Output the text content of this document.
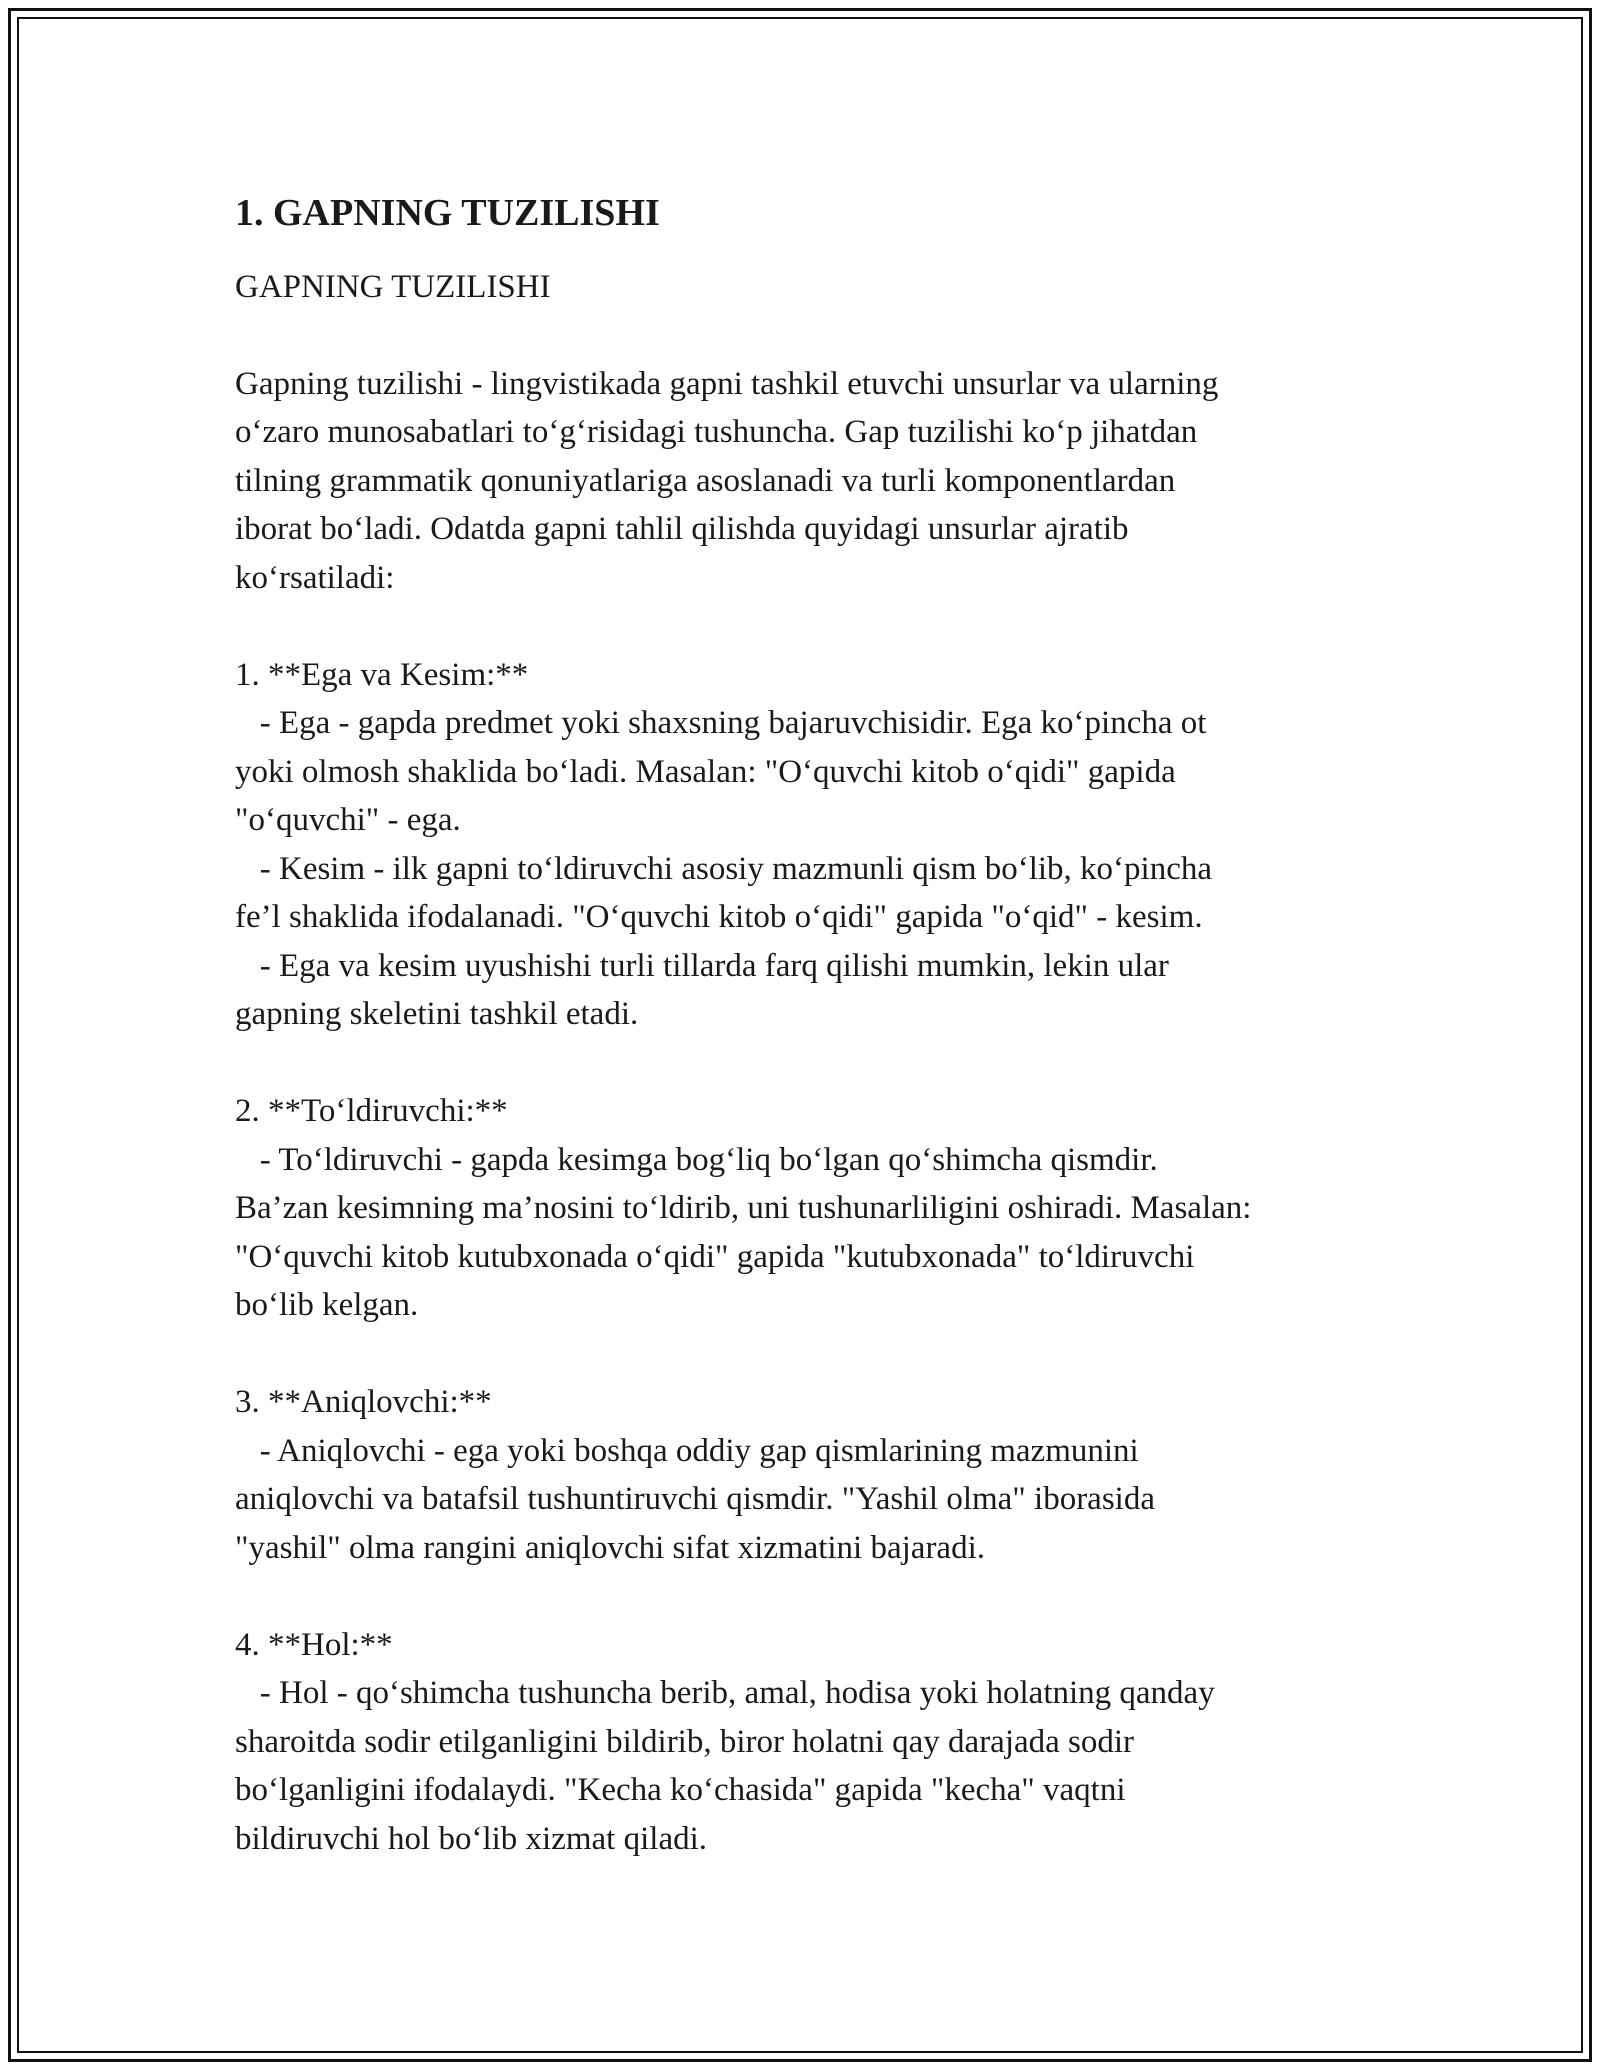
1. GAPNING TUZILISHI

GAPNING TUZILISHI

Gapning tuzilishi - lingvistikada gapni tashkil etuvchi unsurlar va ularning
o‘zaro munosabatlari to‘g‘risidagi tushuncha. Gap tuzilishi ko‘p jihatdan
tilning grammatik qonuniyatlariga asoslanadi va turli komponentlardan
iborat bo‘ladi. Odatda gapni tahlil qilishda quyidagi unsurlar ajratib
ko‘rsatiladi:

1. **Ega va Kesim:**

- Ega - gapda predmet yoki shaxsning bajaruvchisidir. Ega ko‘pincha ot
yoki olmosh shaklida bo‘ladi. Masalan: "O‘quvchi kitob o‘qidi" gapida
"o‘quvchi" - ega.
- Kesim - ilk gapni to‘ldiruvchi asosiy mazmunli qism bo‘lib, ko‘pincha
fe’l shaklida ifodalanadi. "O‘quvchi kitob o‘qidi" gapida "o‘qid" - kesim.
- Ega va kesim uyushishi turli tillarda farq qilishi mumkin, lekin ular
gapning skeletini tashkil etadi.

2. **To‘ldiruvchi:**

- To‘ldiruvchi - gapda kesimga bog‘liq bo‘lgan qo‘shimcha qismdir.
Ba’zan kesimning ma’nosini to‘ldirib, uni tushunarliligini oshiradi. Masalan:
"O‘quvchi kitob kutubxonada o‘qidi" gapida "kutubxonada" to‘ldiruvchi
bo‘lib kelgan.

3. **Aniqlovchi:**

- Aniqlovchi - ega yoki boshqa oddiy gap qismlarining mazmunini
aniqlovchi va batafsil tushuntiruvchi qismdir. "Yashil olma" iborasida
"yashil" olma rangini aniqlovchi sifat xizmatini bajaradi.

4. **Hol:**

- Hol - qo‘shimcha tushuncha berib, amal, hodisa yoki holatning qanday
sharoitda sodir etilganligini bildirib, biror holatni qay darajada sodir
bo‘lganligini ifodalaydi. "Kecha ko‘chasida" gapida "kecha" vaqtni
bildiruvchi hol bo‘lib xizmat qiladi.
